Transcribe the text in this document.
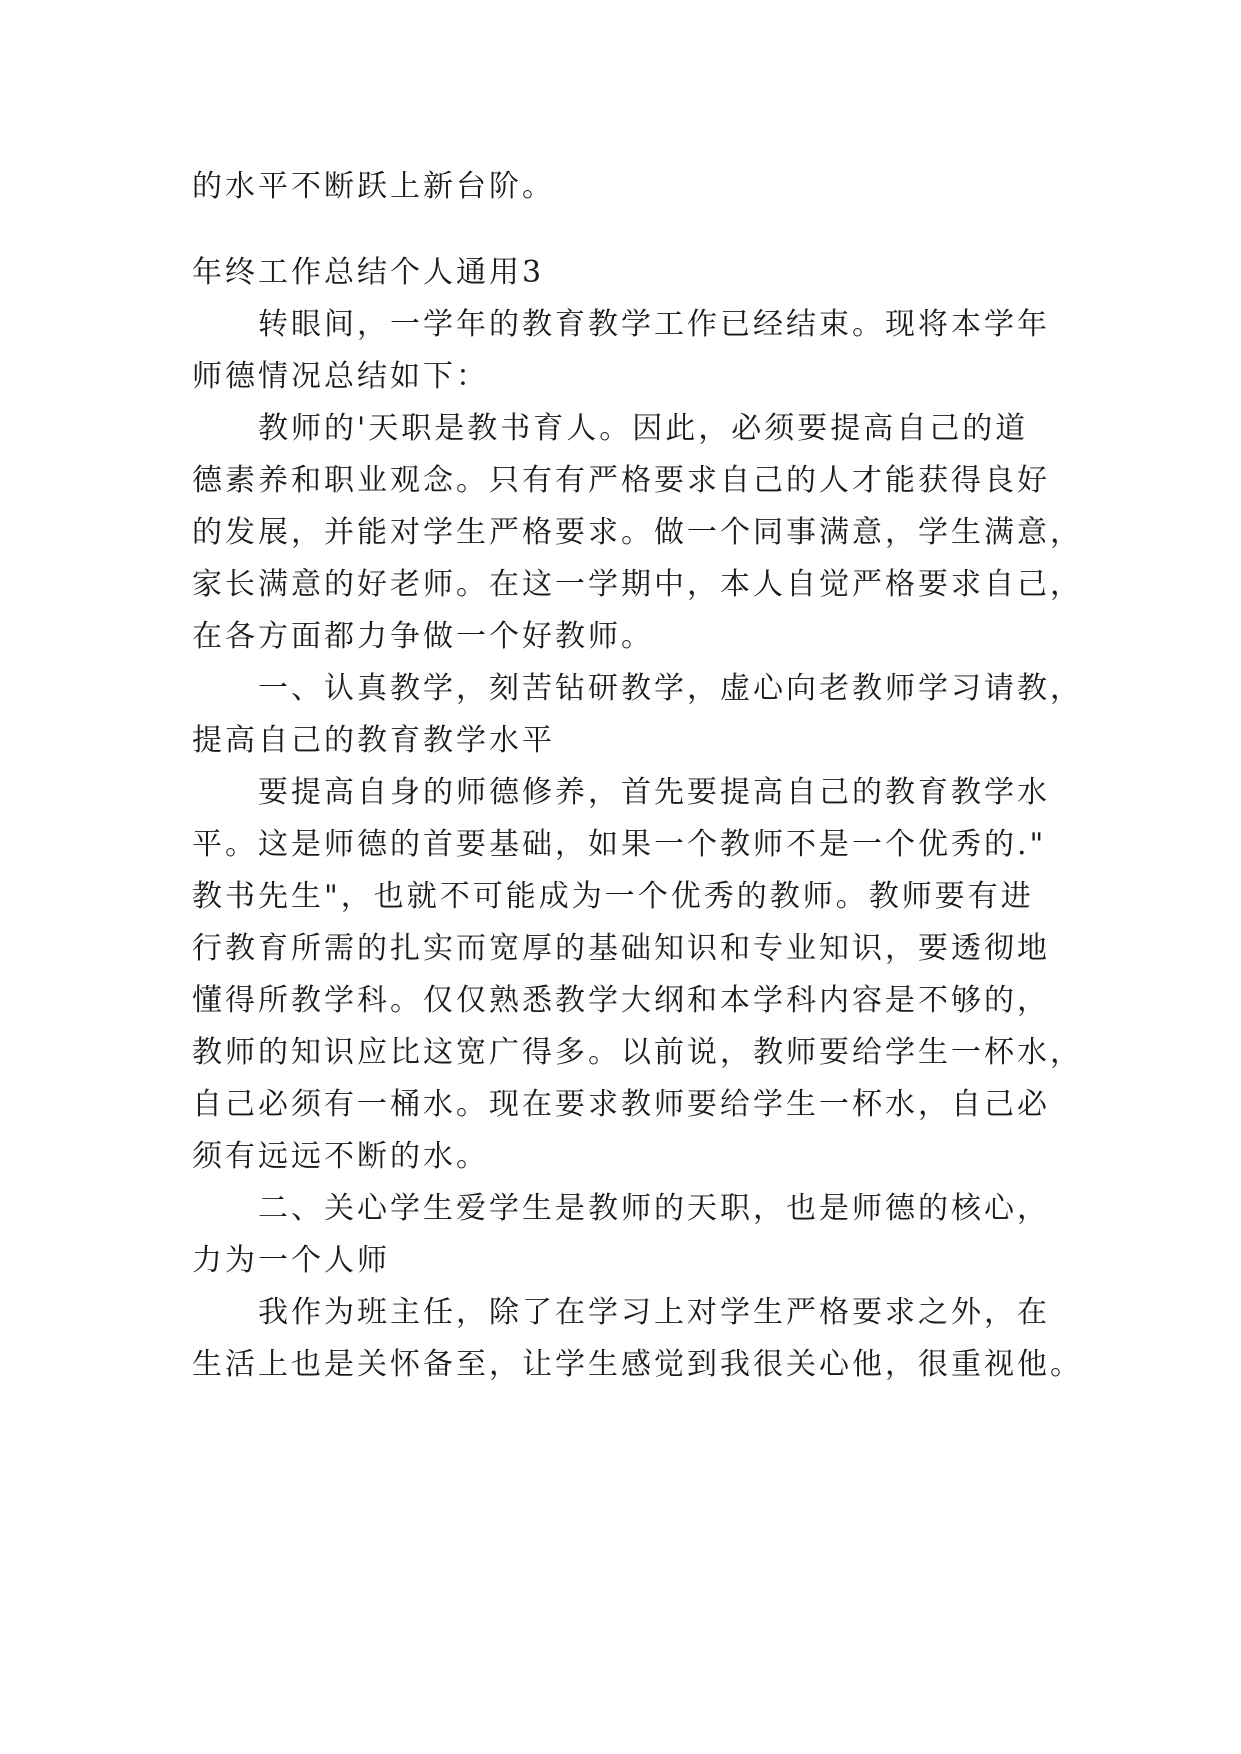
的水平不断跃上新台阶。
年终工作总结个人通用3
转眼间，一学年的教育教学工作已经结束。现将本学年
师德情况总结如下：
教师的'天职是教书育人。因此，必须要提高自己的道
德素养和职业观念。只有有严格要求自己的人才能获得良好
的发展，并能对学生严格要求。做一个同事满意，学生满意，
家长满意的好老师。在这一学期中，本人自觉严格要求自己，
在各方面都力争做一个好教师。
一、认真教学，刻苦钻研教学，虚心向老教师学习请教，
提高自己的教育教学水平
要提高自身的师德修养，首先要提高自己的教育教学水
平。这是师德的首要基础，如果一个教师不是一个优秀的."
教书先生"，也就不可能成为一个优秀的教师。教师要有进
行教育所需的扎实而宽厚的基础知识和专业知识，要透彻地
懂得所教学科。仅仅熟悉教学大纲和本学科内容是不够的，
教师的知识应比这宽广得多。以前说，教师要给学生一杯水，
自己必须有一桶水。现在要求教师要给学生一杯水，自己必
须有远远不断的水。
二、关心学生爱学生是教师的天职，也是师德的核心，
力为一个人师
我作为班主任，除了在学习上对学生严格要求之外，在
生活上也是关怀备至，让学生感觉到我很关心他，很重视他。
